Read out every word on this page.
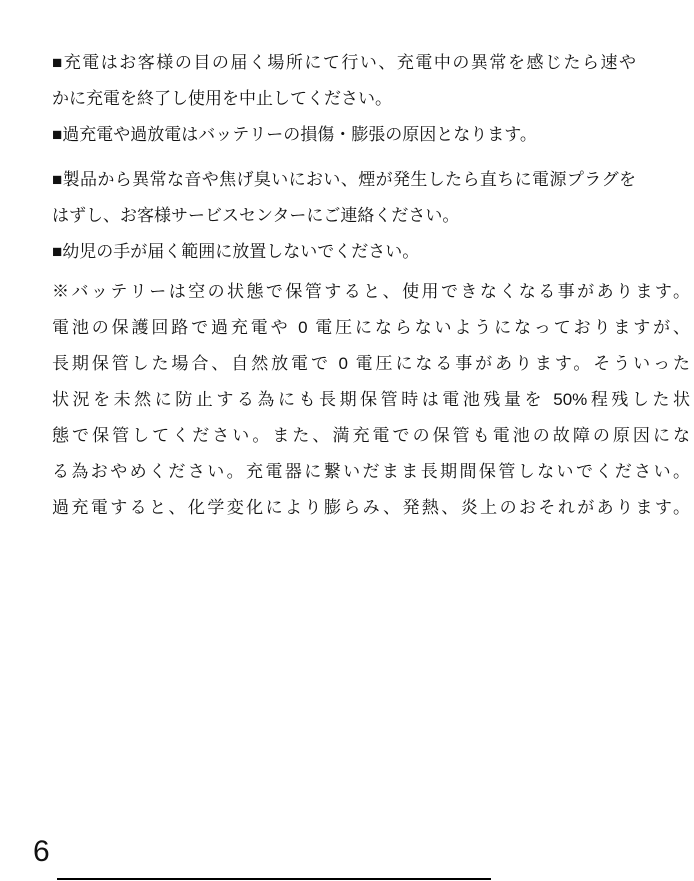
■充電はお客様の目の届く場所にて行い、充電中の異常を感じたら速や
かに充電を終了し使用を中止してください。
■過充電や過放電はバッテリーの損傷・膨張の原因となります。
■製品から異常な音や焦げ臭いにおい、煙が発生したら直ちに電源プラグを
はずし、お客様サービスセンターにご連絡ください。
■幼児の手が届く範囲に放置しないでください。
※バッテリーは空の状態で保管すると、使用できなくなる事があります。
電池の保護回路で過充電や 0 電圧にならないようになっておりますが、
長期保管した場合、自然放電で 0 電圧になる事があります。そういった
状況を未然に防止する為にも長期保管時は電池残量を 50%程残した状
態で保管してください。また、満充電での保管も電池の故障の原因にな
る為おやめください。充電器に繋いだまま長期間保管しないでください。
過充電すると、化学変化により膨らみ、発熱、炎上のおそれがあります。
6
